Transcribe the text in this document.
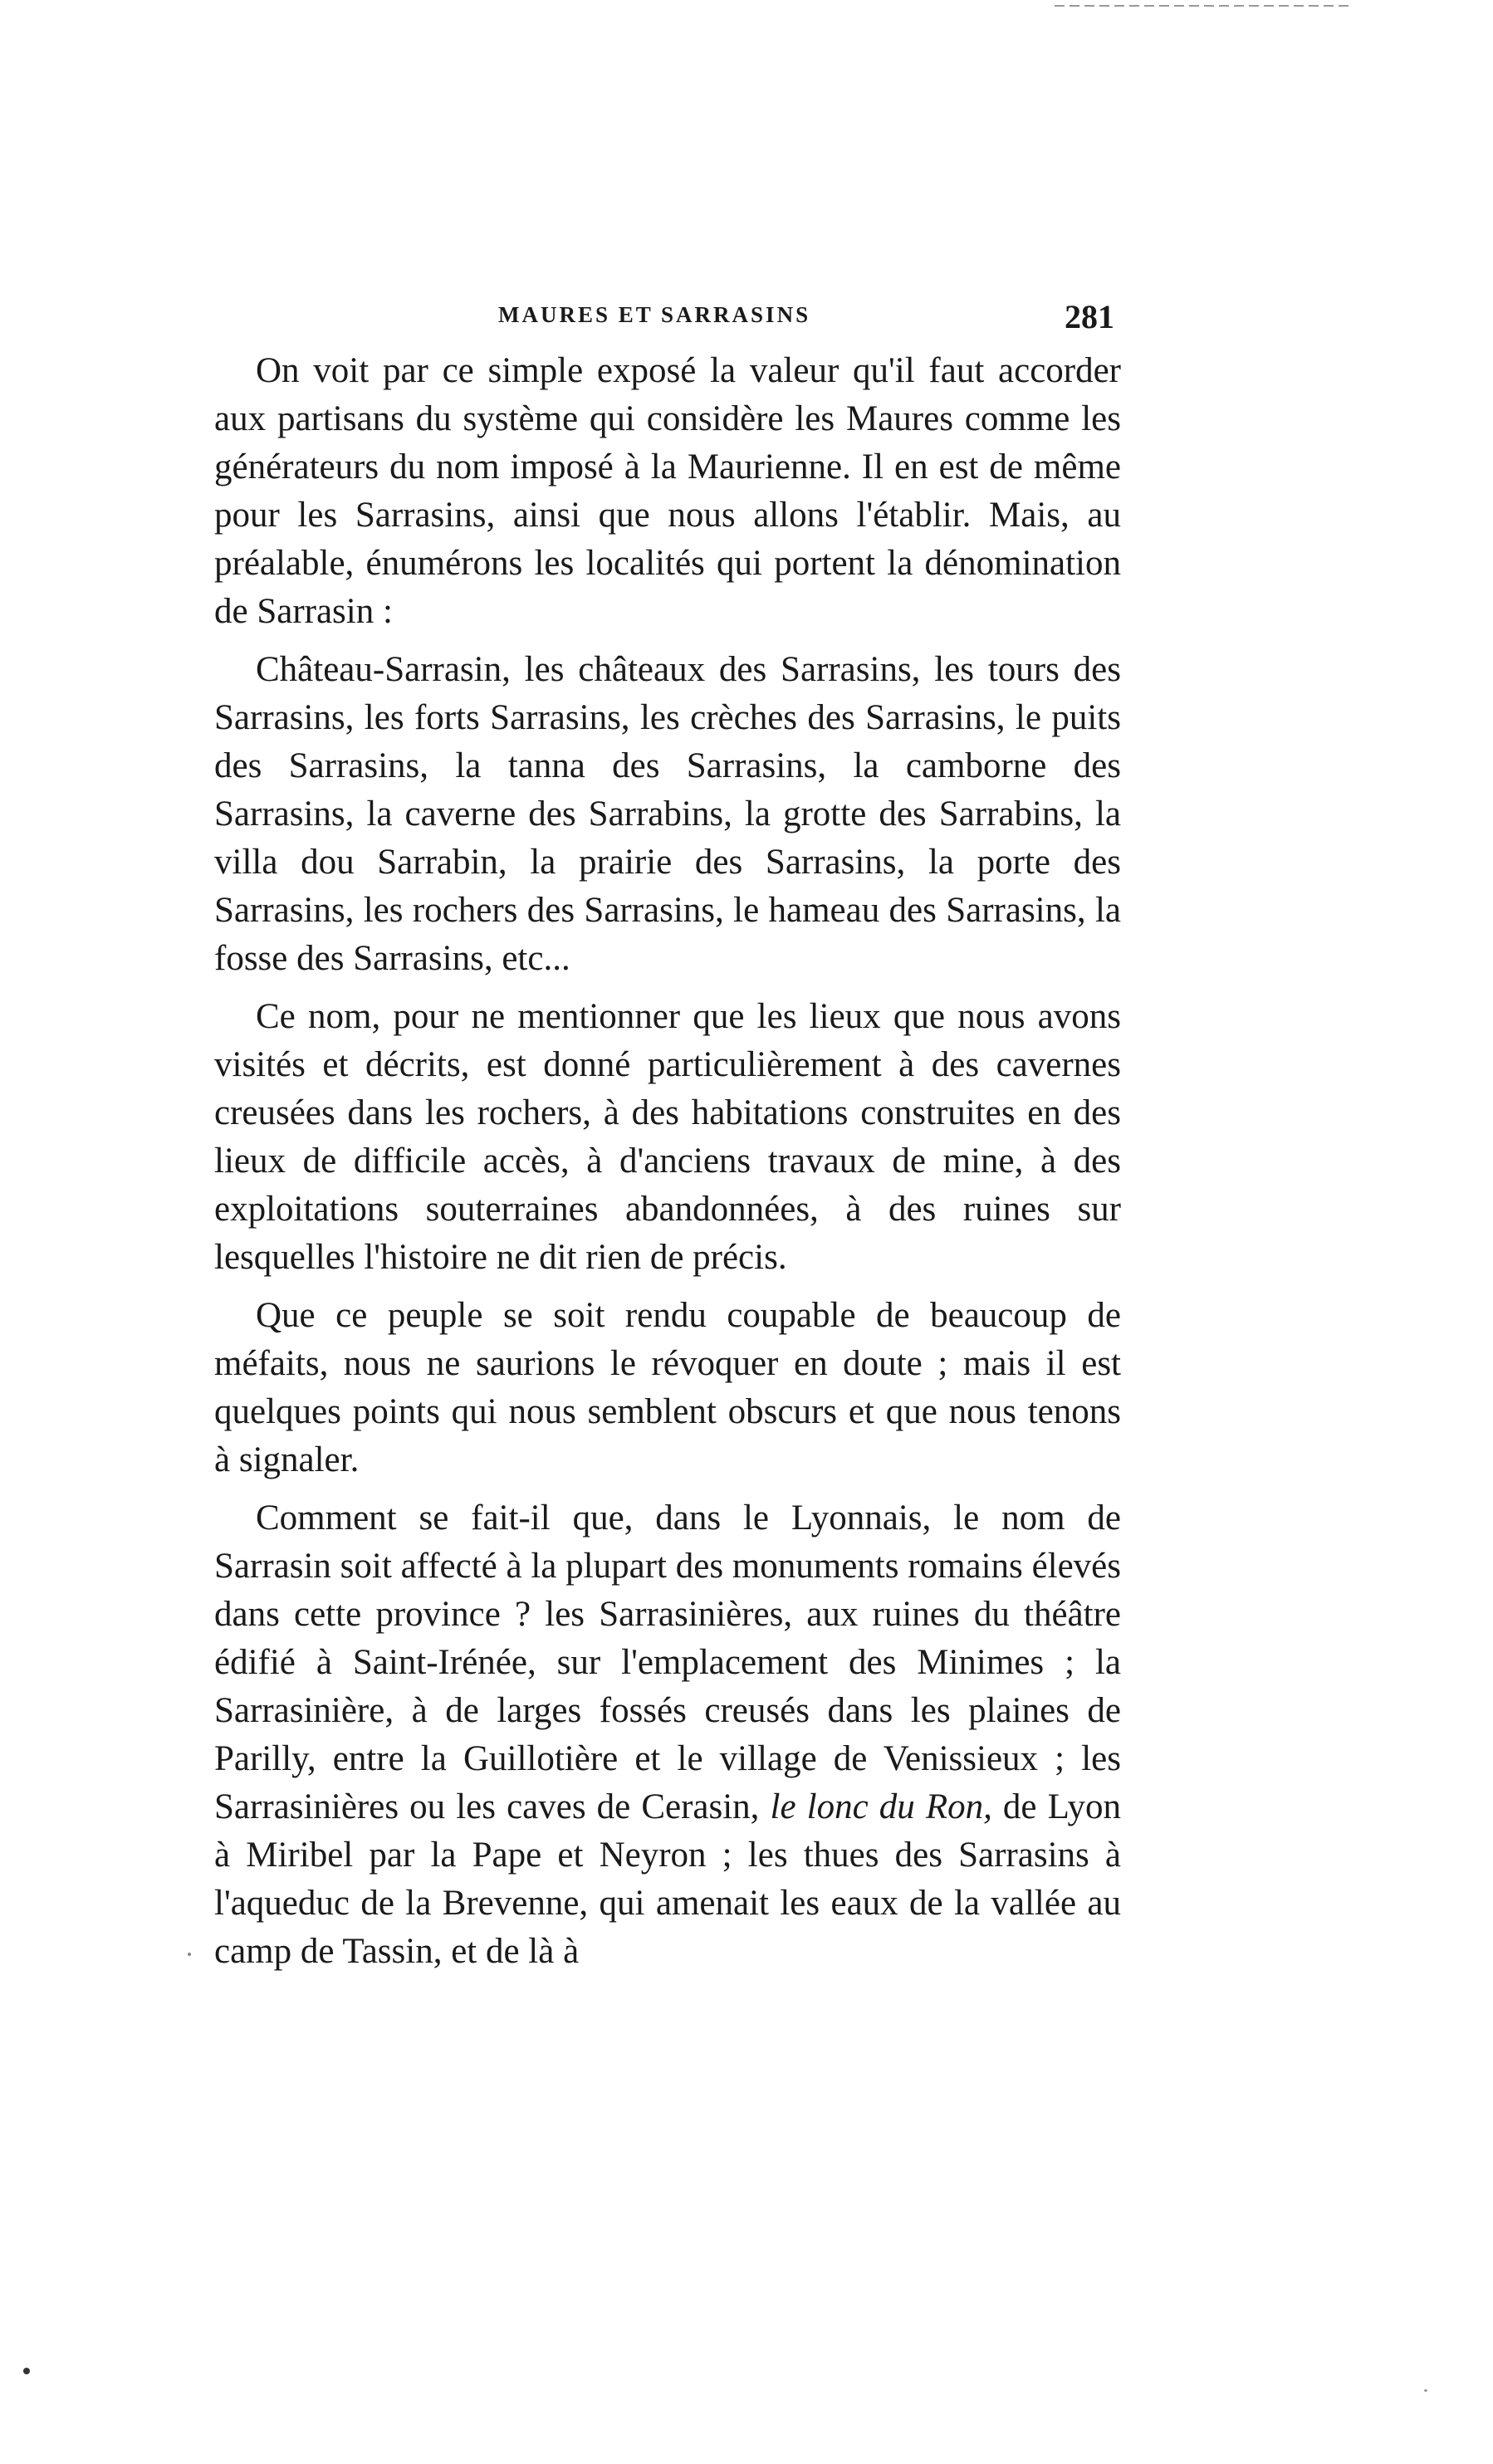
MAURES ET SARRASINS	281

On voit par ce simple exposé la valeur qu'il faut accorder aux partisans du système qui considère les Maures comme les générateurs du nom imposé à la Maurienne. Il en est de même pour les Sarrasins, ainsi que nous allons l'établir. Mais, au préalable, énumérons les localités qui portent la dénomination de Sarrasin :

Château-Sarrasin, les châteaux des Sarrasins, les tours des Sarrasins, les forts Sarrasins, les crèches des Sarrasins, le puits des Sarrasins, la tanna des Sarrasins, la camborne des Sarrasins, la caverne des Sarrabins, la grotte des Sarrabins, la villa dou Sarrabin, la prairie des Sarrasins, la porte des Sarrasins, les rochers des Sarrasins, le hameau des Sarrasins, la fosse des Sarrasins, etc...

Ce nom, pour ne mentionner que les lieux que nous avons visités et décrits, est donné particulièrement à des cavernes creusées dans les rochers, à des habitations construites en des lieux de difficile accès, à d'anciens travaux de mine, à des exploitations souterraines abandonnées, à des ruines sur lesquelles l'histoire ne dit rien de précis.

Que ce peuple se soit rendu coupable de beaucoup de méfaits, nous ne saurions le révoquer en doute ; mais il est quelques points qui nous semblent obscurs et que nous tenons à signaler.

Comment se fait-il que, dans le Lyonnais, le nom de Sarrasin soit affecté à la plupart des monuments romains élevés dans cette province ? les Sarrasinières, aux ruines du théâtre édifié à Saint-Irénée, sur l'emplacement des Minimes ; la Sarrasinière, à de larges fossés creusés dans les plaines de Parilly, entre la Guillotière et le village de Venissieux ; les Sarrasinières ou les caves de Cerasin, le lonc du Ron, de Lyon à Miribel par la Pape et Neyron ; les thues des Sarrasins à l'aqueduc de la Brevenne, qui amenait les eaux de la vallée au camp de Tassin, et de là à
